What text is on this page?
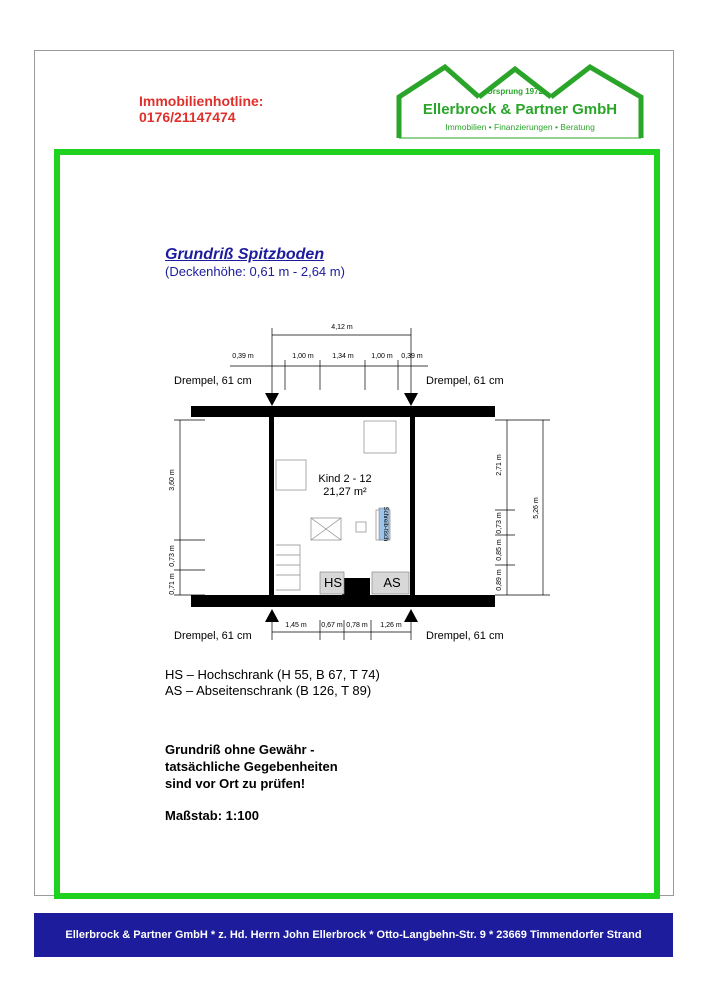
Immobilienhotline:
0176/21147474
Ursprung 1972
Ellerbrock & Partner GmbH
Immobilien • Finanzierungen • Beratung
Grundriß Spitzboden
(Deckenhöhe: 0,61 m - 2,64 m)
4,12 m
0,39 m	1,00 m	1,34 m	1,00 m 0,39 m
1,45 m 0,67 m 0,78 m 1,26 m
3,60 m
0,73 m
0,71 m
2,71 m
0,73 m
0,85 m
0,89 m
5,26 m
Drempel, 61 cm	Drempel, 61 cm
Drempel, 61 cm	Drempel, 61 cm
Kind 2 - 12
21,27 m²
Schreib-tisch
HS	AS
HS – Hochschrank (H 55, B 67, T 74)
AS – Abseitenschrank (B 126, T 89)
Grundriß ohne Gewähr -
tatsächliche Gegebenheiten
sind vor Ort zu prüfen!
Maßstab: 1:100
Ellerbrock & Partner GmbH * z. Hd. Herrn John Ellerbrock * Otto-Langbehn-Str. 9 * 23669 Timmendorfer Strand
